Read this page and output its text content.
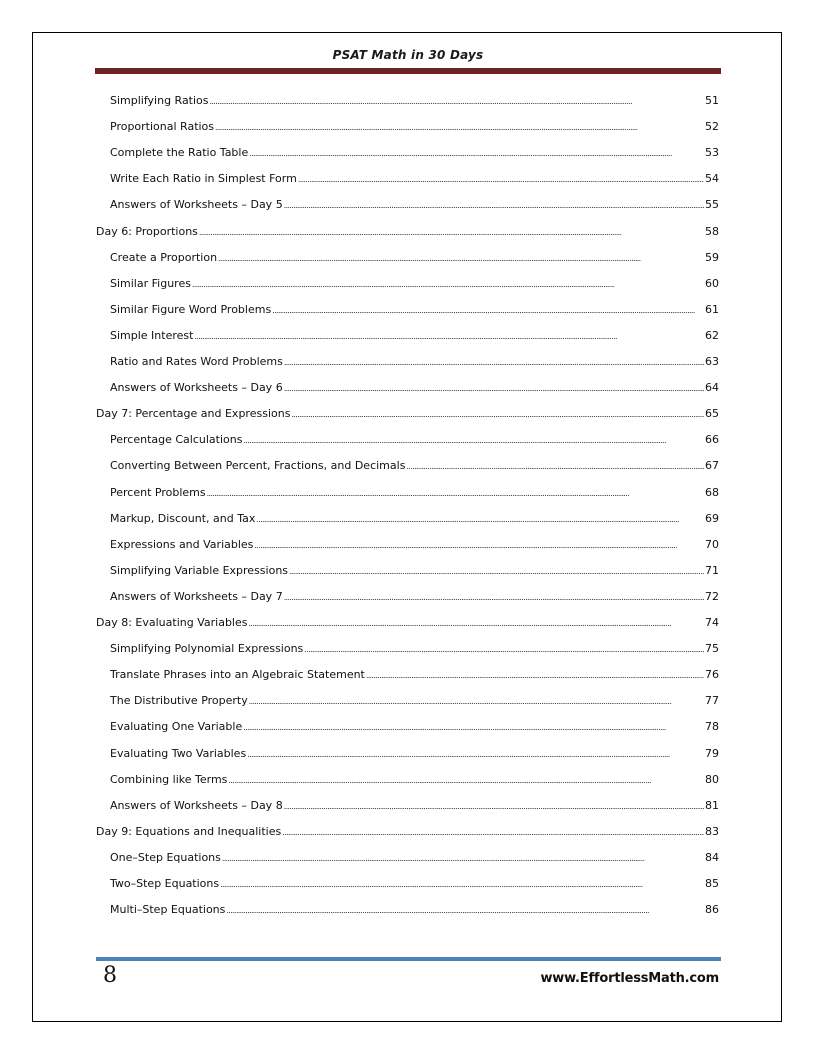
PSAT Math in 30 Days
Simplifying Ratios . . .	51
Proportional Ratios . . .	52
Complete the Ratio Table . . .	53
Write Each Ratio in Simplest Form . . .	54
Answers of Worksheets – Day 5 . . .	55
Day 6: Proportions . . .	58
Create a Proportion . . .	59
Similar Figures . . .	60
Similar Figure Word Problems . . .	61
Simple Interest . . .	62
Ratio and Rates Word Problems . . .	63
Answers of Worksheets – Day 6 . . .	64
Day 7: Percentage and Expressions . . .	65
Percentage Calculations . . .	66
Converting Between Percent, Fractions, and Decimals . . .	67
Percent Problems . . .	68
Markup, Discount, and Tax . . .	69
Expressions and Variables . . .	70
Simplifying Variable Expressions . . .	71
Answers of Worksheets – Day 7 . . .	72
Day 8: Evaluating Variables . . .	74
Simplifying Polynomial Expressions . . .	75
Translate Phrases into an Algebraic Statement . . .	76
The Distributive Property . . .	77
Evaluating One Variable . . .	78
Evaluating Two Variables . . .	79
Combining like Terms . . .	80
Answers of Worksheets – Day 8 . . .	81
Day 9: Equations and Inequalities . . .	83
One–Step Equations . . .	84
Two–Step Equations . . .	85
Multi–Step Equations . . .	86
8	www.EffortlessMath.com
